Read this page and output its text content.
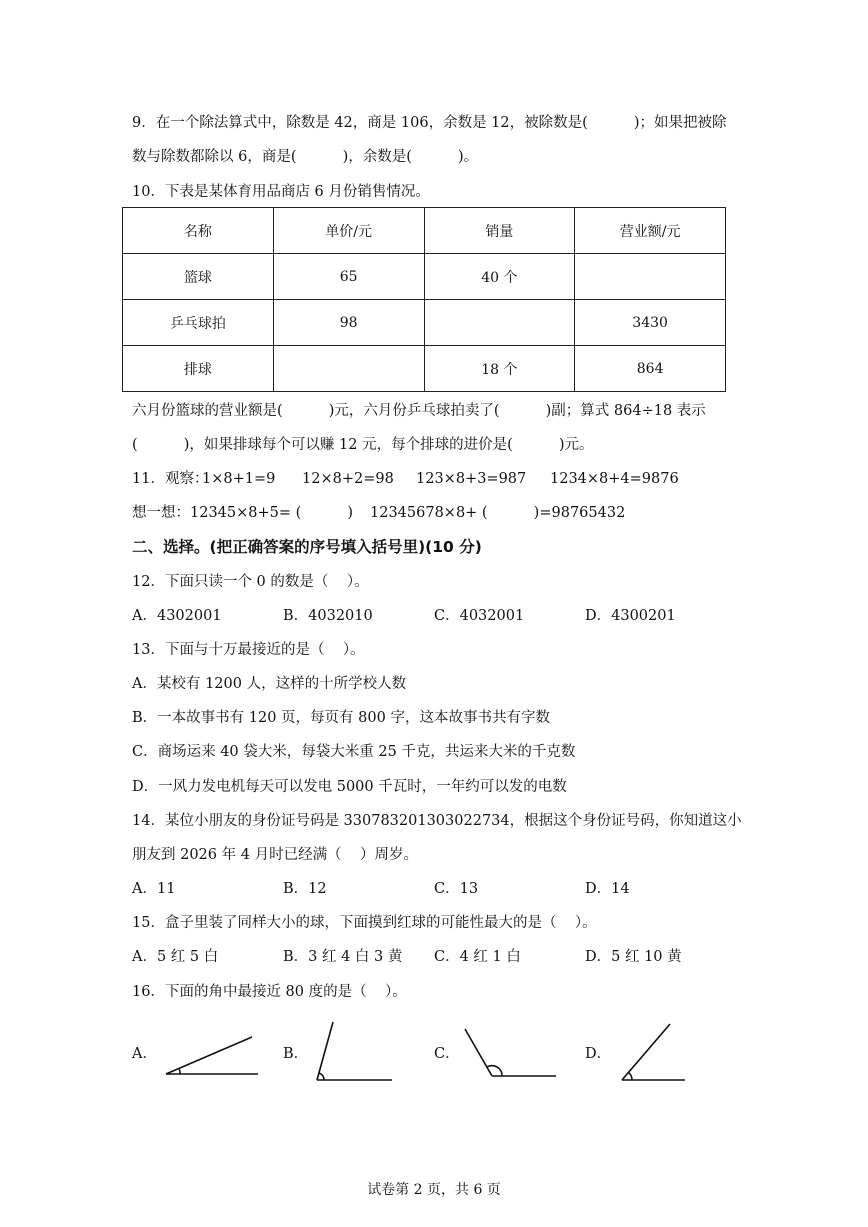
9．在一个除法算式中，除数是 42，商是 106，余数是 12，被除数是(          )；如果把被除
数与除数都除以 6，商是(          )，余数是(          )。
10．下表是某体育用品商店 6 月份销售情况。
名称	单价/元	销量	营业额/元
篮球	65	40 个	
乒乓球拍	98		3430
排球		18 个	864
六月份篮球的营业额是(          )元，六月份乒乓球拍卖了(          )副；算式 864÷18 表示
(          )，如果排球每个可以赚 12 元，每个排球的进价是(          )元。
11．观察：
1×8+1=9 12×8+2=98 123×8+3=987 1234×8+4=9876
想一想：12345×8+5= (          ) 12345678×8+ (          )=98765432
二、选择。(把正确答案的序号填入括号里)(10 分)
12．下面只读一个 0 的数是（    ）。
A．4302001	B．4032010	C．4032001	D．4300201
13．下面与十万最接近的是（    ）。
A．某校有 1200 人，这样的十所学校人数
B．一本故事书有 120 页，每页有 800 字，这本故事书共有字数
C．商场运来 40 袋大米，每袋大米重 25 千克，共运来大米的千克数
D．一风力发电机每天可以发电 5000 千瓦时，一年约可以发的电数
14．某位小朋友的身份证号码是 330783201303022734，根据这个身份证号码，你知道这小
朋友到 2026 年 4 月时已经满（    ）周岁。
A．11	B．12	C．13	D．14
15．盒子里装了同样大小的球，下面摸到红球的可能性最大的是（    ）。
A．5 红 5 白	B．3 红 4 白 3 黄 C．4 红 1 白	D．5 红 10 黄
16．下面的角中最接近 80 度的是（    ）。
A．	B．	C．	D．
试卷第 2 页，共 6 页
